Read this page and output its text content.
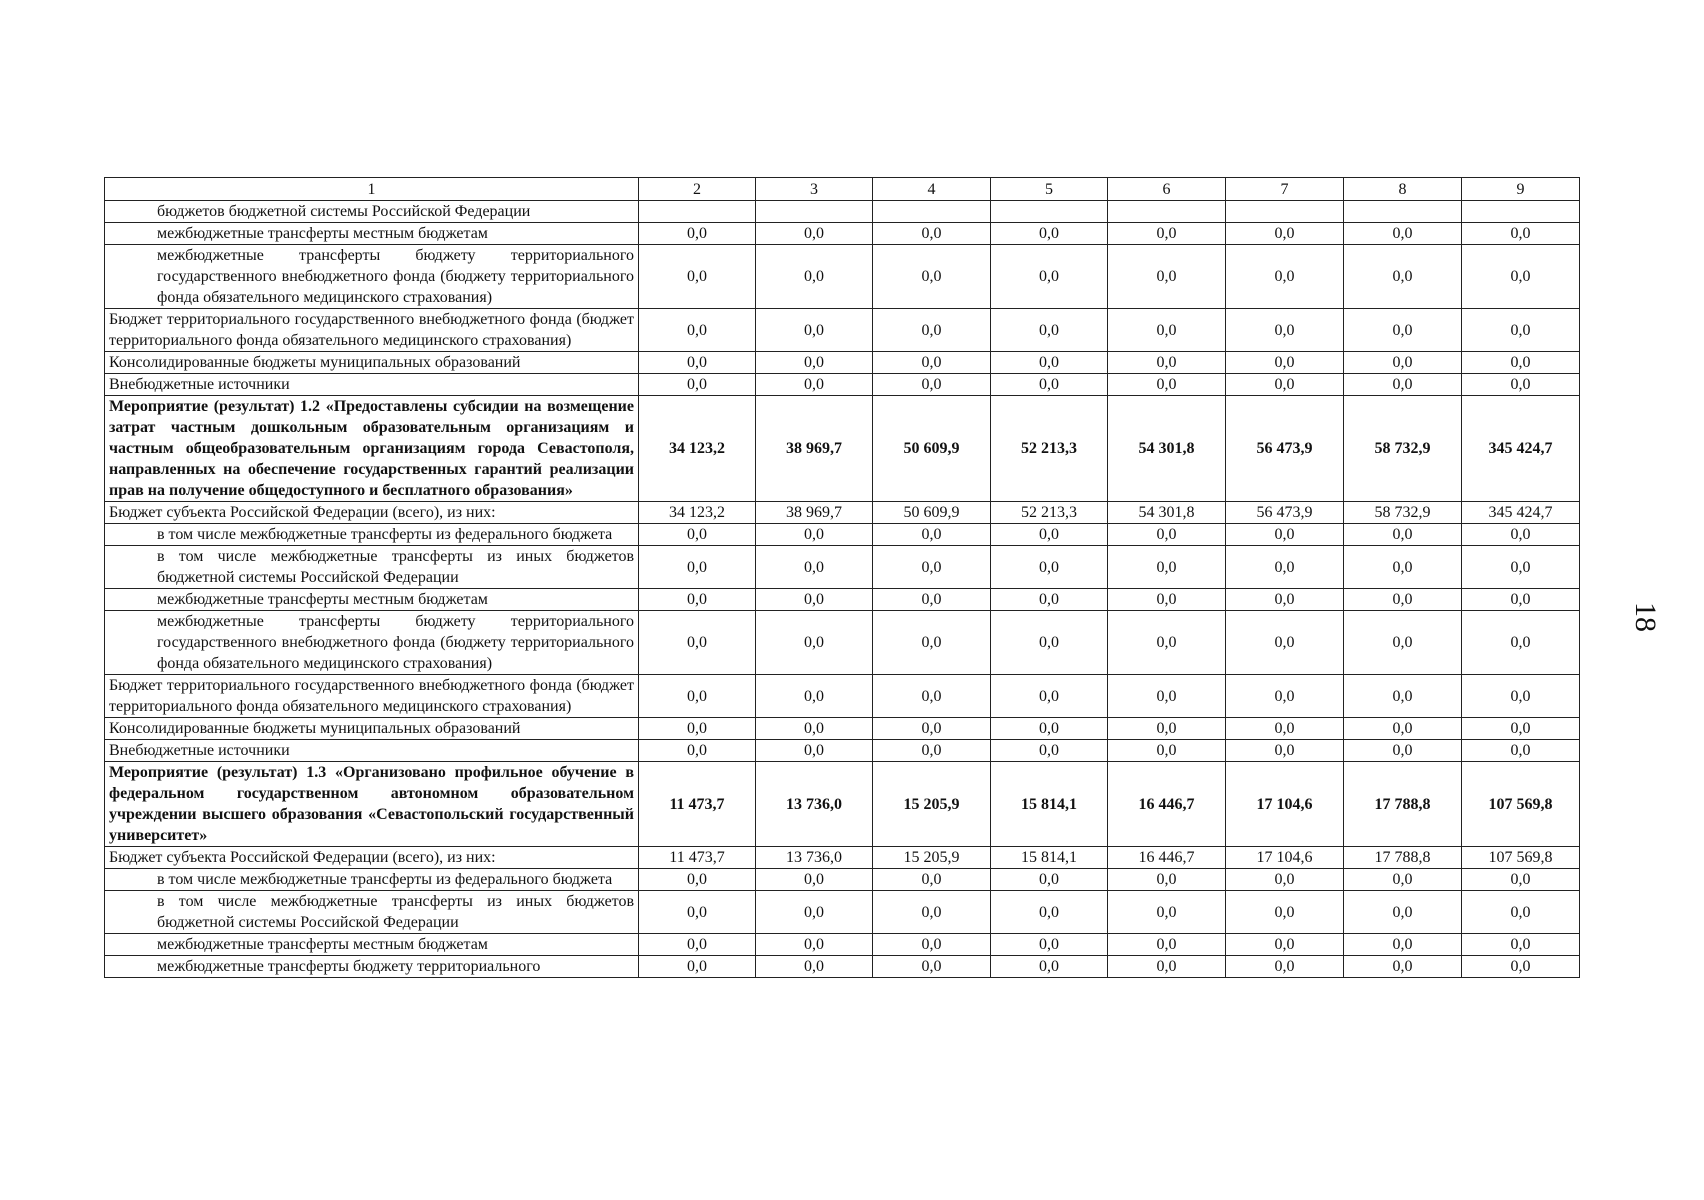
1	2	3	4	5	6	7	8	9
бюджетов бюджетной системы Российской Федерации								
межбюджетные трансферты местным бюджетам	0,0	0,0	0,0	0,0	0,0	0,0	0,0	0,0
межбюджетные трансферты бюджету территориального государственного внебюджетного фонда (бюджету территориального фонда обязательного медицинского страхования)	0,0	0,0	0,0	0,0	0,0	0,0	0,0	0,0
Бюджет территориального государственного внебюджетного фонда (бюджет территориального фонда обязательного медицинского страхования)	0,0	0,0	0,0	0,0	0,0	0,0	0,0	0,0
Консолидированные бюджеты муниципальных образований	0,0	0,0	0,0	0,0	0,0	0,0	0,0	0,0
Внебюджетные источники	0,0	0,0	0,0	0,0	0,0	0,0	0,0	0,0
Мероприятие (результат) 1.2 «Предоставлены субсидии на возмещение затрат частным дошкольным образовательным организациям и частным общеобразовательным организациям города Севастополя, направленных на обеспечение государственных гарантий реализации прав на получение общедоступного и бесплатного образования»	34 123,2	38 969,7	50 609,9	52 213,3	54 301,8	56 473,9	58 732,9	345 424,7
Бюджет субъекта Российской Федерации (всего), из них:	34 123,2	38 969,7	50 609,9	52 213,3	54 301,8	56 473,9	58 732,9	345 424,7
в том числе межбюджетные трансферты из федерального бюджета	0,0	0,0	0,0	0,0	0,0	0,0	0,0	0,0
в том числе межбюджетные трансферты из иных бюджетов бюджетной системы Российской Федерации	0,0	0,0	0,0	0,0	0,0	0,0	0,0	0,0
межбюджетные трансферты местным бюджетам	0,0	0,0	0,0	0,0	0,0	0,0	0,0	0,0
межбюджетные трансферты бюджету территориального государственного внебюджетного фонда (бюджету территориального фонда обязательного медицинского страхования)	0,0	0,0	0,0	0,0	0,0	0,0	0,0	0,0
Бюджет территориального государственного внебюджетного фонда (бюджет территориального фонда обязательного медицинского страхования)	0,0	0,0	0,0	0,0	0,0	0,0	0,0	0,0
Консолидированные бюджеты муниципальных образований	0,0	0,0	0,0	0,0	0,0	0,0	0,0	0,0
Внебюджетные источники	0,0	0,0	0,0	0,0	0,0	0,0	0,0	0,0
Мероприятие (результат) 1.3 «Организовано профильное обучение в федеральном государственном автономном образовательном учреждении высшего образования «Севастопольский государственный университет»	11 473,7	13 736,0	15 205,9	15 814,1	16 446,7	17 104,6	17 788,8	107 569,8
Бюджет субъекта Российской Федерации (всего), из них:	11 473,7	13 736,0	15 205,9	15 814,1	16 446,7	17 104,6	17 788,8	107 569,8
в том числе межбюджетные трансферты из федерального бюджета	0,0	0,0	0,0	0,0	0,0	0,0	0,0	0,0
в том числе межбюджетные трансферты из иных бюджетов бюджетной системы Российской Федерации	0,0	0,0	0,0	0,0	0,0	0,0	0,0	0,0
межбюджетные трансферты местным бюджетам	0,0	0,0	0,0	0,0	0,0	0,0	0,0	0,0
межбюджетные трансферты бюджету территориального	0,0	0,0	0,0	0,0	0,0	0,0	0,0	0,0
18
